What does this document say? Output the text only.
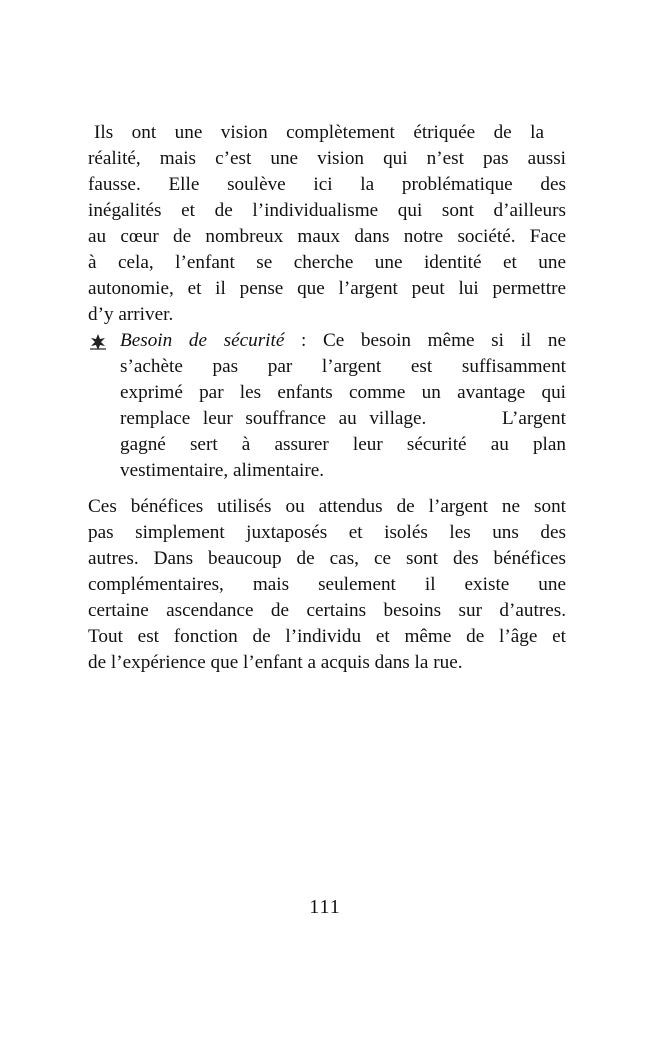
Ils ont une vision complètement étriquée de la
réalité, mais c’est une vision qui n’est pas aussi
fausse. Elle soulève ici la problématique des
inégalités et de l’individualisme qui sont d’ailleurs
au cœur de nombreux maux dans notre société. Face
à cela, l’enfant se cherche une identité et une
autonomie, et il pense que l’argent peut lui permettre
d’y arriver.
Besoin de sécurité : Ce besoin même si il ne
s’achète pas par l’argent est suffisamment
exprimé par les enfants comme un avantage qui
remplace leur souffrance au village.      L’argent
gagné sert à assurer leur sécurité au plan
vestimentaire, alimentaire.
Ces bénéfices utilisés ou attendus de l’argent ne sont
pas simplement juxtaposés et isolés les uns des
autres. Dans beaucoup de cas, ce sont des bénéfices
complémentaires, mais seulement il existe une
certaine ascendance de certains besoins sur d’autres.
Tout est fonction de l’individu et même de l’âge et
de l’expérience que l’enfant a acquis dans la rue.
111
